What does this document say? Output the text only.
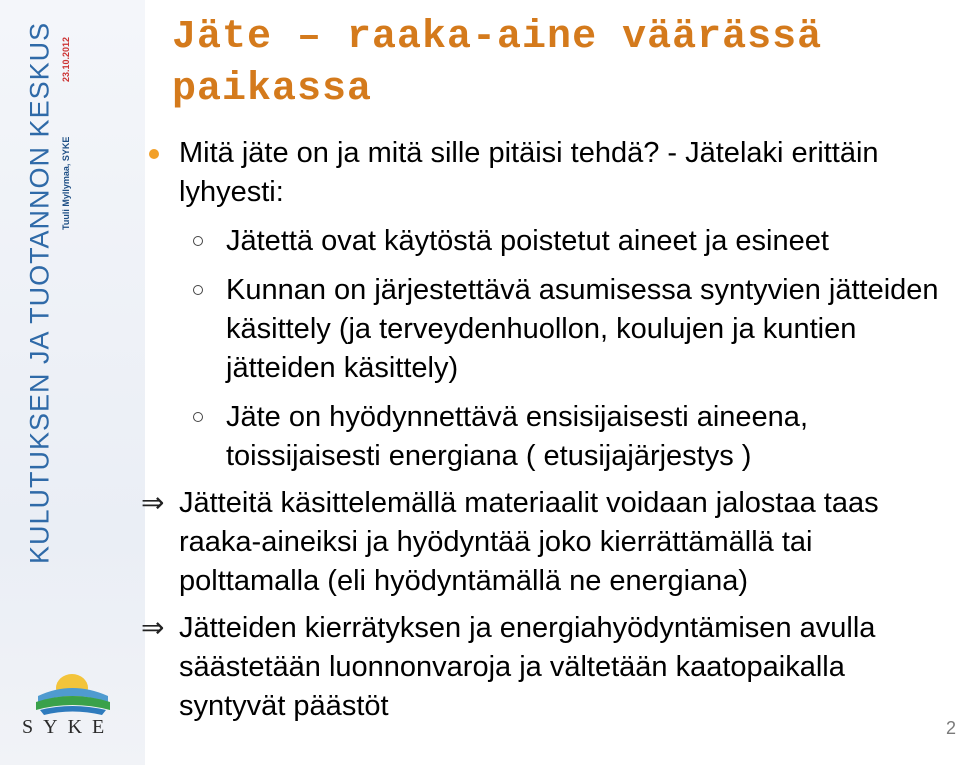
KULUTUKSEN JA TUOTANNON KESKUS Tuuli Myllymaa, SYKE
23.10.2012
SYKE
Jäte – raaka-aine väärässä
paikassa
Mitä jäte on ja mitä sille pitäisi tehdä? - Jätelaki erittäin lyhyesti:
Jätettä ovat käytöstä poistetut aineet ja esineet
Kunnan on järjestettävä asumisessa syntyvien jätteiden käsittely (ja terveydenhuollon, koulujen ja kuntien jätteiden käsittely)
Jäte on hyödynnettävä ensisijaisesti aineena, toissijaisesti energiana ( etusijajärjestys )
⇒ Jätteitä käsittelemällä materiaalit voidaan jalostaa taas raaka-aineiksi ja hyödyntää joko kierrättämällä tai polttamalla (eli hyödyntämällä ne energiana)
⇒ Jätteiden kierrätyksen ja energiahyödyntämisen avulla säästetään luonnonvaroja ja vältetään kaatopaikalla syntyvät päästöt
2
